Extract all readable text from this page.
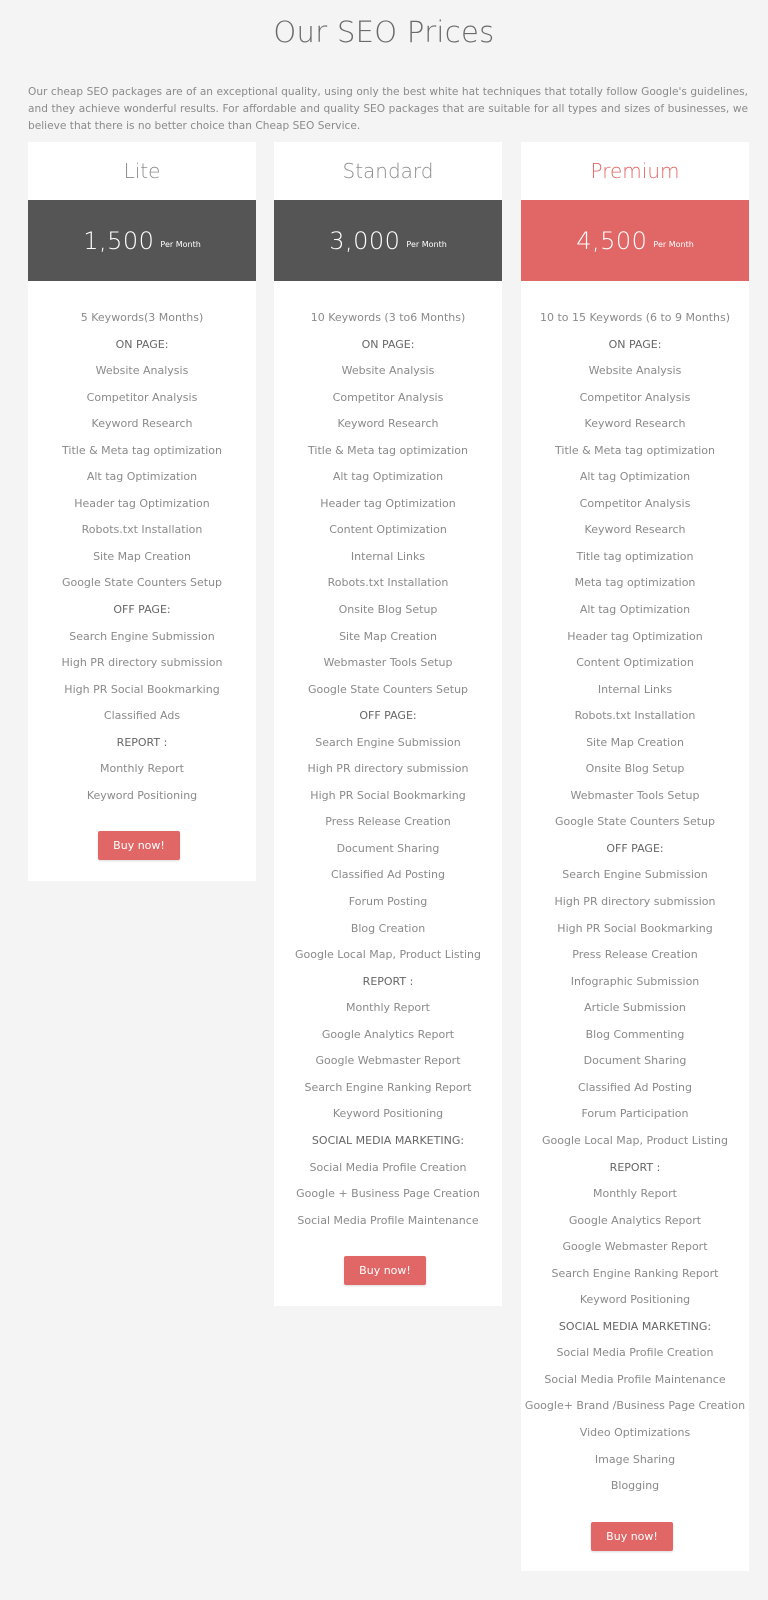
Our SEO Prices

Our cheap SEO packages are of an exceptional quality, using only the best white hat techniques that totally follow Google's guidelines, and they achieve wonderful results. For affordable and quality SEO packages that are suitable for all types and sizes of businesses, we believe that there is no better choice than Cheap SEO Service.

Lite
1,500 Per Month
5 Keywords(3 Months)
ON PAGE:
Website Analysis
Competitor Analysis
Keyword Research
Title & Meta tag optimization
Alt tag Optimization
Header tag Optimization
Robots.txt Installation
Site Map Creation
Google State Counters Setup
OFF PAGE:
Search Engine Submission
High PR directory submission
High PR Social Bookmarking
Classified Ads
REPORT :
Monthly Report
Keyword Positioning
Buy now!
Standard
3,000 Per Month
10 Keywords (3 to6 Months)
ON PAGE:
Website Analysis
Competitor Analysis
Keyword Research
Title & Meta tag optimization
Alt tag Optimization
Header tag Optimization
Content Optimization
Internal Links
Robots.txt Installation
Onsite Blog Setup
Site Map Creation
Webmaster Tools Setup
Google State Counters Setup
OFF PAGE:
Search Engine Submission
High PR directory submission
High PR Social Bookmarking
Press Release Creation
Document Sharing
Classified Ad Posting
Forum Posting
Blog Creation
Google Local Map, Product Listing
REPORT :
Monthly Report
Google Analytics Report
Google Webmaster Report
Search Engine Ranking Report
Keyword Positioning
SOCIAL MEDIA MARKETING:
Social Media Profile Creation
Google + Business Page Creation
Social Media Profile Maintenance
Buy now!
Premium
4,500 Per Month
10 to 15 Keywords (6 to 9 Months)
ON PAGE:
Website Analysis
Competitor Analysis
Keyword Research
Title & Meta tag optimization
Alt tag Optimization
Competitor Analysis
Keyword Research
Title tag optimization
Meta tag optimization
Alt tag Optimization
Header tag Optimization
Content Optimization
Internal Links
Robots.txt Installation
Site Map Creation
Onsite Blog Setup
Webmaster Tools Setup
Google State Counters Setup
OFF PAGE:
Search Engine Submission
High PR directory submission
High PR Social Bookmarking
Press Release Creation
Infographic Submission
Article Submission
Blog Commenting
Document Sharing
Classified Ad Posting
Forum Participation
Google Local Map, Product Listing
REPORT :
Monthly Report
Google Analytics Report
Google Webmaster Report
Search Engine Ranking Report
Keyword Positioning
SOCIAL MEDIA MARKETING:
Social Media Profile Creation
Social Media Profile Maintenance
Google+ Brand /Business Page Creation
Video Optimizations
Image Sharing
Blogging
Buy now!
